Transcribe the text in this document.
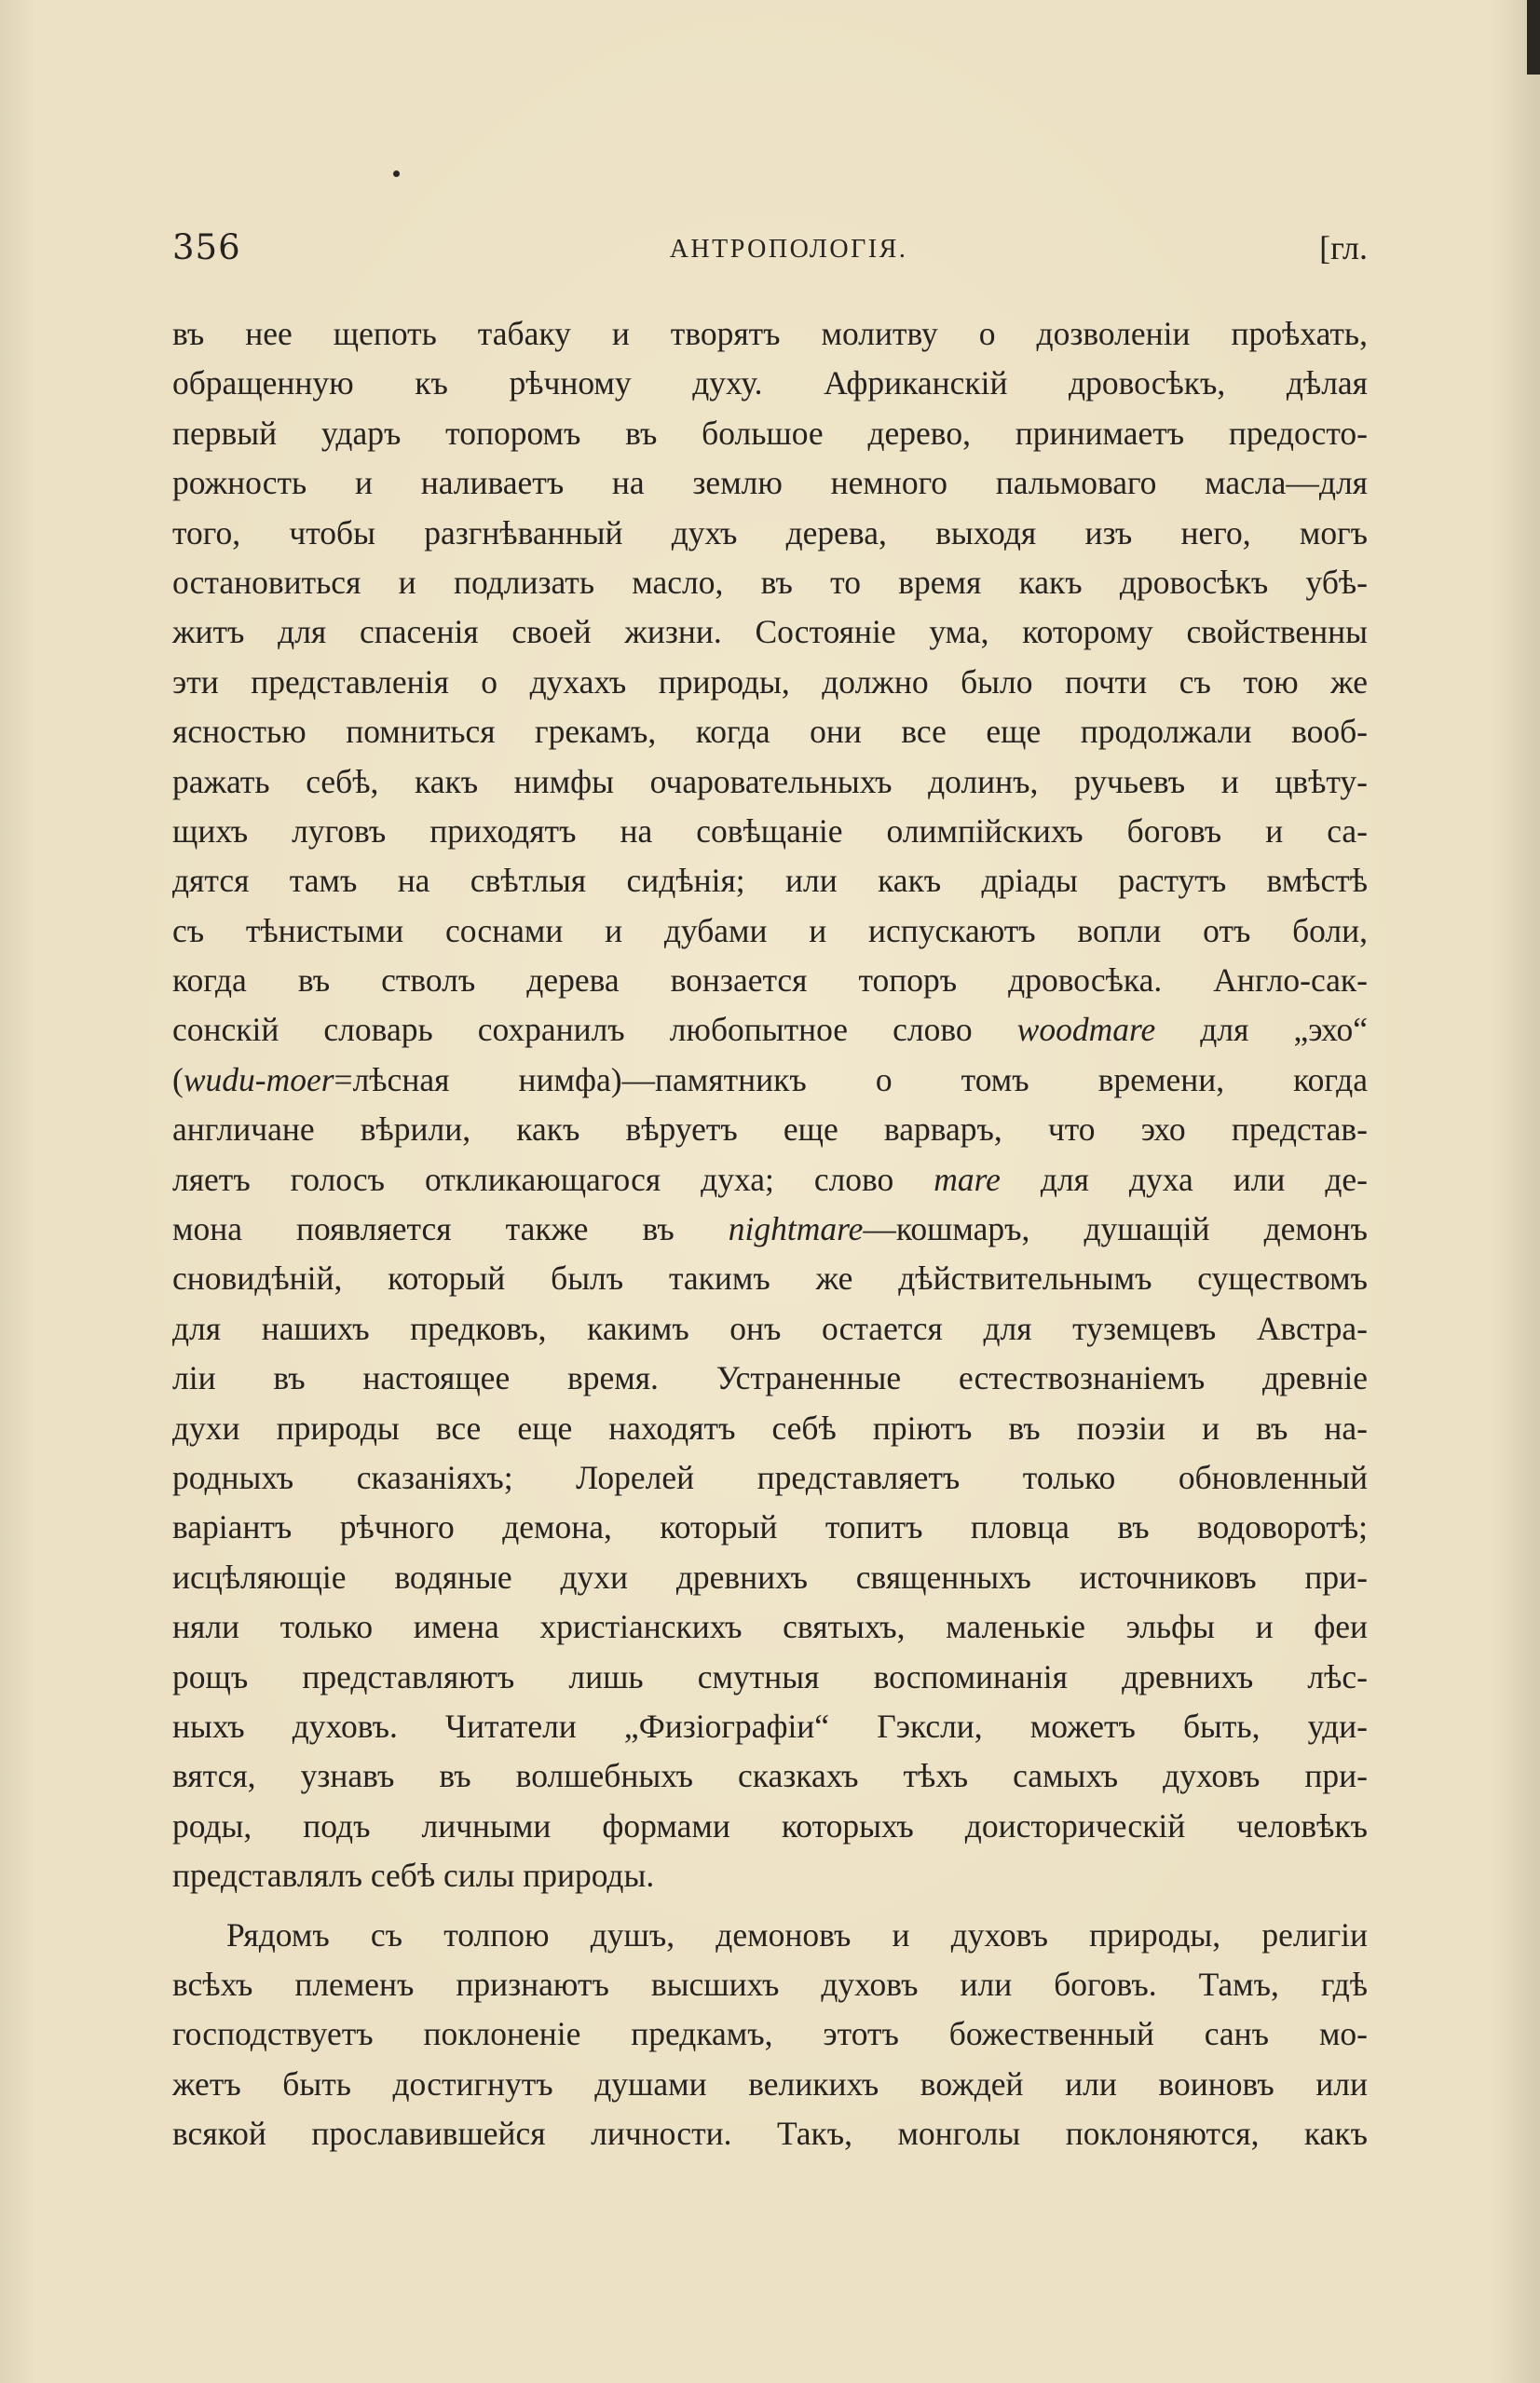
356	АНТРОПОЛОГІЯ.	[гл.
въ нее щепоть табаку и творятъ молитву о дозволеніи проѣхать,
обращенную къ рѣчному духу. Африканскій дровосѣкъ, дѣлая
первый ударъ топоромъ въ большое дерево, принимаетъ предосто-
рожность и наливаетъ на землю немного пальмоваго масла—для
того, чтобы разгнѣванный духъ дерева, выходя изъ него, могъ
остановиться и подлизать масло, въ то время какъ дровосѣкъ убѣ-
житъ для спасенія своей жизни. Состояніе ума, которому свойственны
эти представленія о духахъ природы, должно было почти съ тою же
ясностью помниться грекамъ, когда они все еще продолжали вооб-
ражать себѣ, какъ нимфы очаровательныхъ долинъ, ручьевъ и цвѣту-
щихъ луговъ приходятъ на совѣщаніе олимпійскихъ боговъ и са-
дятся тамъ на свѣтлыя сидѣнія; или какъ дріады растутъ вмѣстѣ
съ тѣнистыми соснами и дубами и испускаютъ вопли отъ боли,
когда въ стволъ дерева вонзается топоръ дровосѣка. Англо-сак-
сонскій словарь сохранилъ любопытное слово woodmare для „эхо“
(wudu-moer=лѣсная нимфа)—памятникъ о томъ времени, когда
англичане вѣрили, какъ вѣруетъ еще варваръ, что эхо представ-
ляетъ голосъ откликающагося духа; слово mare для духа или де-
мона появляется также въ nightmare—кошмаръ, душащій демонъ
сновидѣній, который былъ такимъ же дѣйствительнымъ существомъ
для нашихъ предковъ, какимъ онъ остается для туземцевъ Австра-
ліи въ настоящее время. Устраненные естествознаніемъ древніе
духи природы все еще находятъ себѣ пріютъ въ поэзіи и въ на-
родныхъ сказаніяхъ; Лорелей представляетъ только обновленный
варіантъ рѣчного демона, который топитъ пловца въ водоворотѣ;
исцѣляющіе водяные духи древнихъ священныхъ источниковъ при-
няли только имена христіанскихъ святыхъ, маленькіе эльфы и феи
рощъ представляютъ лишь смутныя воспоминанія древнихъ лѣс-
ныхъ духовъ. Читатели „Физіографіи“ Гэксли, можетъ быть, уди-
вятся, узнавъ въ волшебныхъ сказкахъ тѣхъ самыхъ духовъ при-
роды, подъ личными формами которыхъ доисторическій человѣкъ
представлялъ себѣ силы природы.
Рядомъ съ толпою душъ, демоновъ и духовъ природы, религіи
всѣхъ племенъ признаютъ высшихъ духовъ или боговъ. Тамъ, гдѣ
господствуетъ поклоненіе предкамъ, этотъ божественный санъ мо-
жетъ быть достигнутъ душами великихъ вождей или воиновъ или
всякой прославившейся личности. Такъ, монголы поклоняются, какъ
